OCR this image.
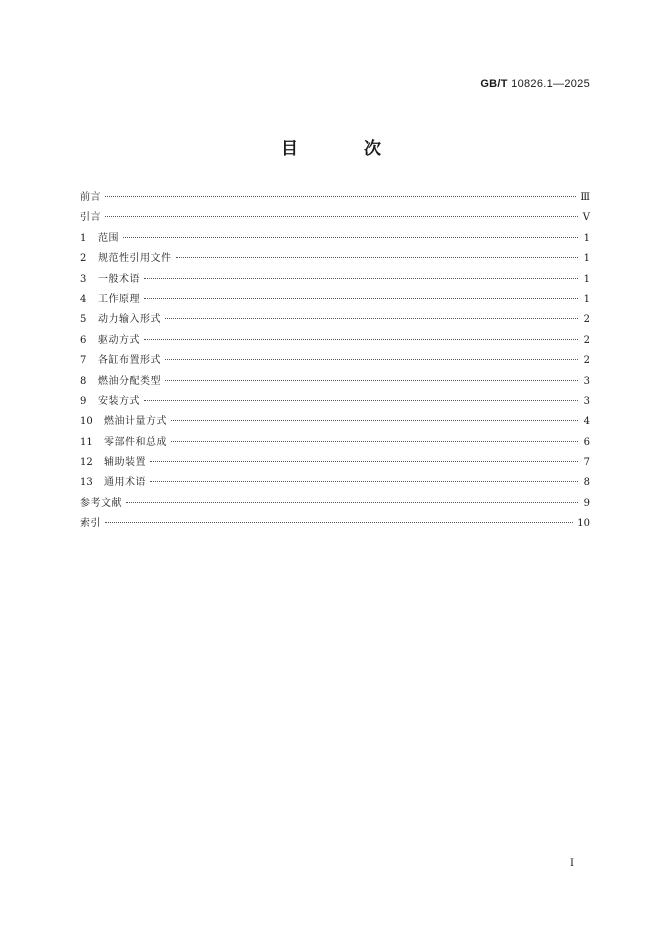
GB/T 10826.1—2025
目 次
前言	Ⅲ
引言	Ⅴ
1	范围	1
2	规范性引用文件	1
3	一般术语	1
4	工作原理	1
5	动力输入形式	2
6	驱动方式	2
7	各缸布置形式	2
8	燃油分配类型	3
9	安装方式	3
10	燃油计量方式	4
11	零部件和总成	6
12	辅助装置	7
13	通用术语	8
参考文献	9
索引	10
Ⅰ
